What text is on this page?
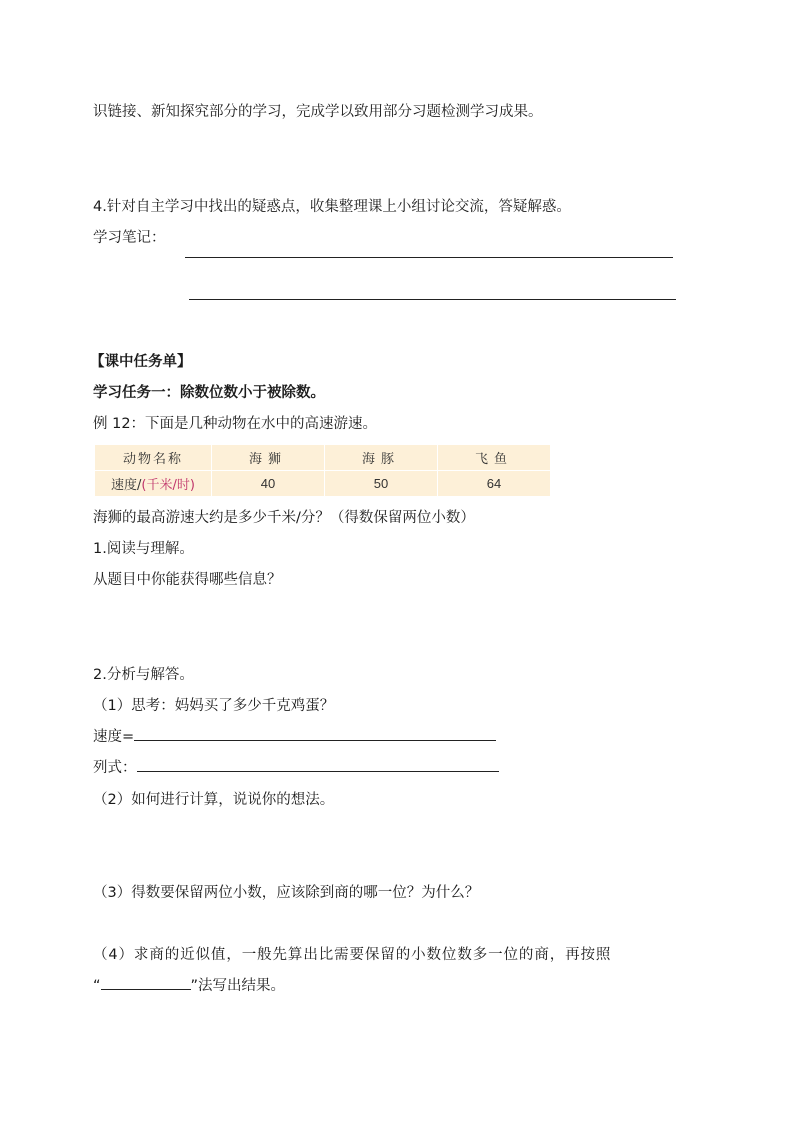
识链接、新知探究部分的学习，完成学以致用部分习题检测学习成果。
4.针对自主学习中找出的疑惑点，收集整理课上小组讨论交流，答疑解惑。
学习笔记：
【课中任务单】
学习任务一：除数位数小于被除数。
例 12：下面是几种动物在水中的高速游速。
动物名称	海狮	海豚	飞鱼
速度/(千米/时)	40	50	64
海狮的最高游速大约是多少千米/分？（得数保留两位小数）
1.阅读与理解。
从题目中你能获得哪些信息？
2.分析与解答。
（1）思考：妈妈买了多少千克鸡蛋？
速度=
列式：
（2）如何进行计算，说说你的想法。
（3）得数要保留两位小数，应该除到商的哪一位？为什么？
（4）求商的近似值，一般先算出比需要保留的小数位数多一位的商，再按照
“	”法写出结果。
